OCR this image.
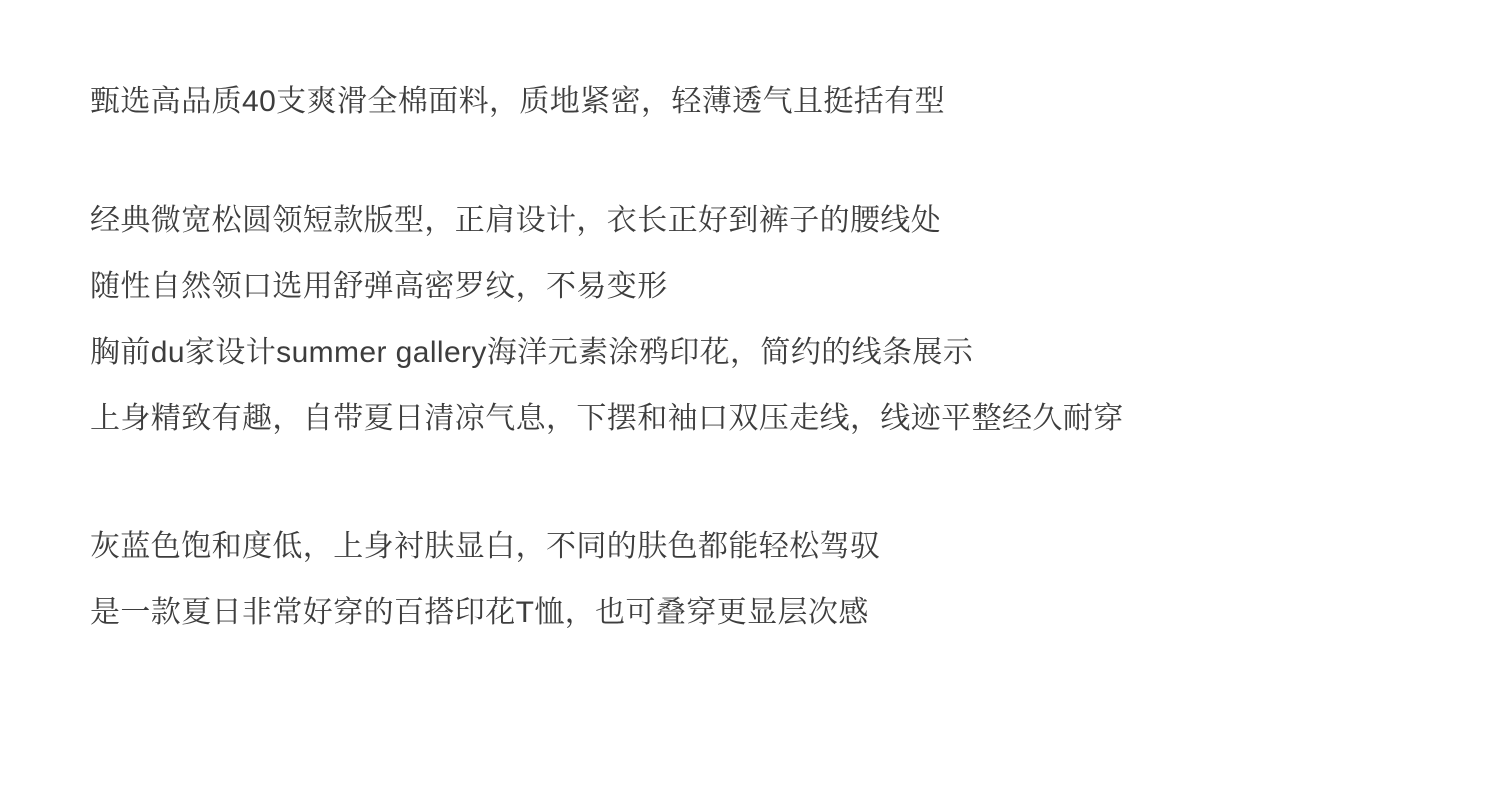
甄选高品质40支爽滑全棉面料，质地紧密，轻薄透气且挺括有型
经典微宽松圆领短款版型，正肩设计，衣长正好到裤子的腰线处
随性自然领口选用舒弹高密罗纹，不易变形
胸前du家设计summer gallery海洋元素涂鸦印花，简约的线条展示
上身精致有趣，自带夏日清凉气息，下摆和袖口双压走线，线迹平整经久耐穿
灰蓝色饱和度低，上身衬肤显白，不同的肤色都能轻松驾驭
是一款夏日非常好穿的百搭印花T恤，也可叠穿更显层次感
